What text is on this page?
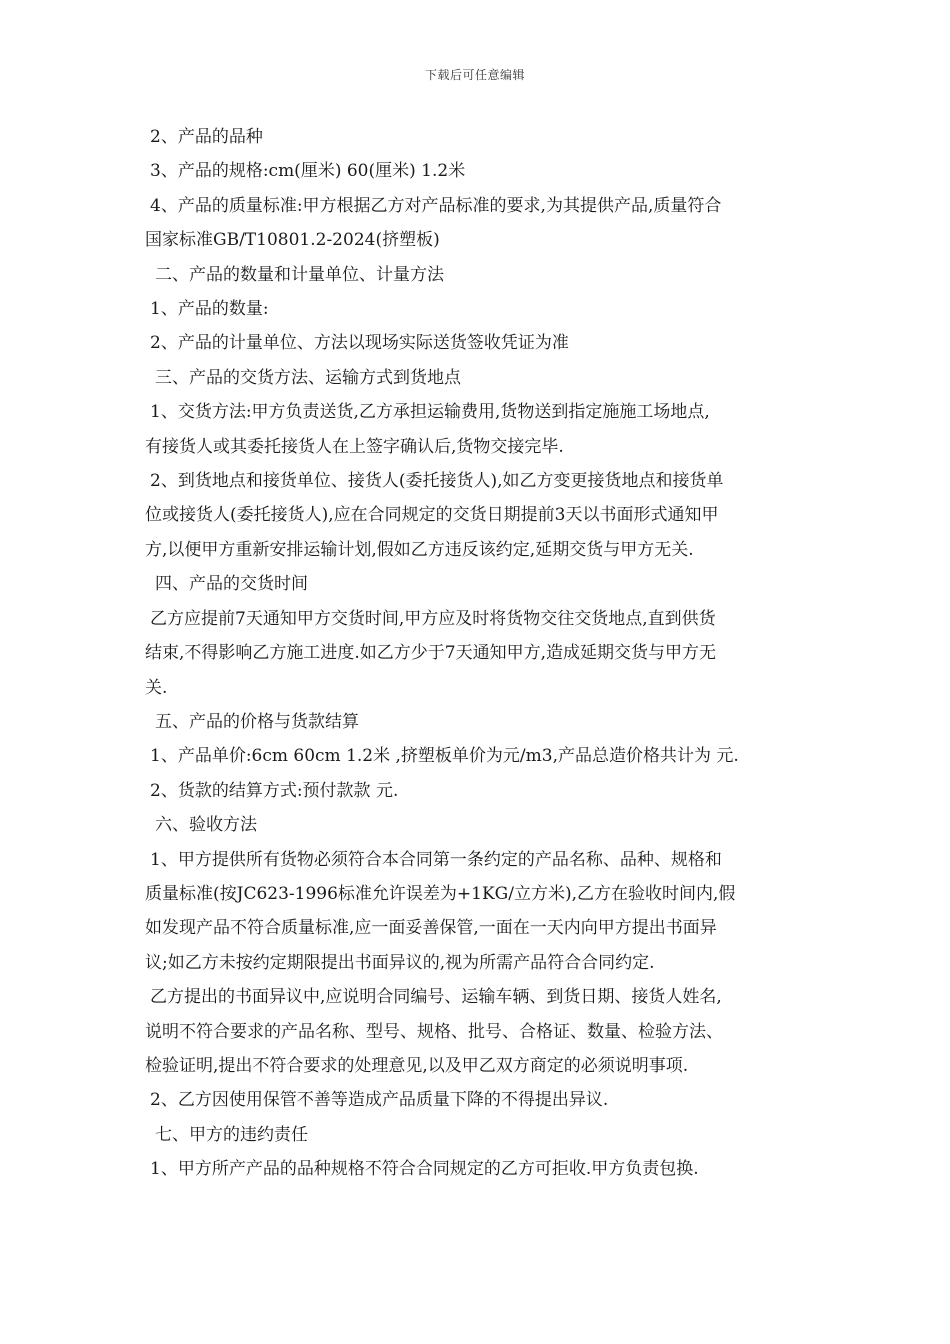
下载后可任意编辑
2、产品的品种
3、产品的规格:cm(厘米) 60(厘米) 1.2米
4、产品的质量标准:甲方根据乙方对产品标准的要求,为其提供产品,质量符合
国家标准GB/T10801.2-2024(挤塑板)
二、产品的数量和计量单位、计量方法
1、产品的数量:
2、产品的计量单位、方法以现场实际送货签收凭证为准
三、产品的交货方法、运输方式到货地点
1、交货方法:甲方负责送货,乙方承担运输费用,货物送到指定施施工场地点,
有接货人或其委托接货人在上签字确认后,货物交接完毕.
2、到货地点和接货单位、接货人(委托接货人),如乙方变更接货地点和接货单
位或接货人(委托接货人),应在合同规定的交货日期提前3天以书面形式通知甲
方,以便甲方重新安排运输计划,假如乙方违反该约定,延期交货与甲方无关.
四、产品的交货时间
乙方应提前7天通知甲方交货时间,甲方应及时将货物交往交货地点,直到供货
结束,不得影响乙方施工进度.如乙方少于7天通知甲方,造成延期交货与甲方无
关.
五、产品的价格与货款结算
1、产品单价:6cm 60cm 1.2米 ,挤塑板单价为元/m3,产品总造价格共计为 元.
2、货款的结算方式:预付款款 元.
六、验收方法
1、甲方提供所有货物必须符合本合同第一条约定的产品名称、品种、规格和
质量标准(按JC623-1996标准允许误差为+1KG/立方米),乙方在验收时间内,假
如发现产品不符合质量标准,应一面妥善保管,一面在一天内向甲方提出书面异
议;如乙方未按约定期限提出书面异议的,视为所需产品符合合同约定.
乙方提出的书面异议中,应说明合同编号、运输车辆、到货日期、接货人姓名,
说明不符合要求的产品名称、型号、规格、批号、合格证、数量、检验方法、
检验证明,提出不符合要求的处理意见,以及甲乙双方商定的必须说明事项.
2、乙方因使用保管不善等造成产品质量下降的不得提出异议.
七、甲方的违约责任
1、甲方所产产品的品种规格不符合合同规定的乙方可拒收.甲方负责包换.
